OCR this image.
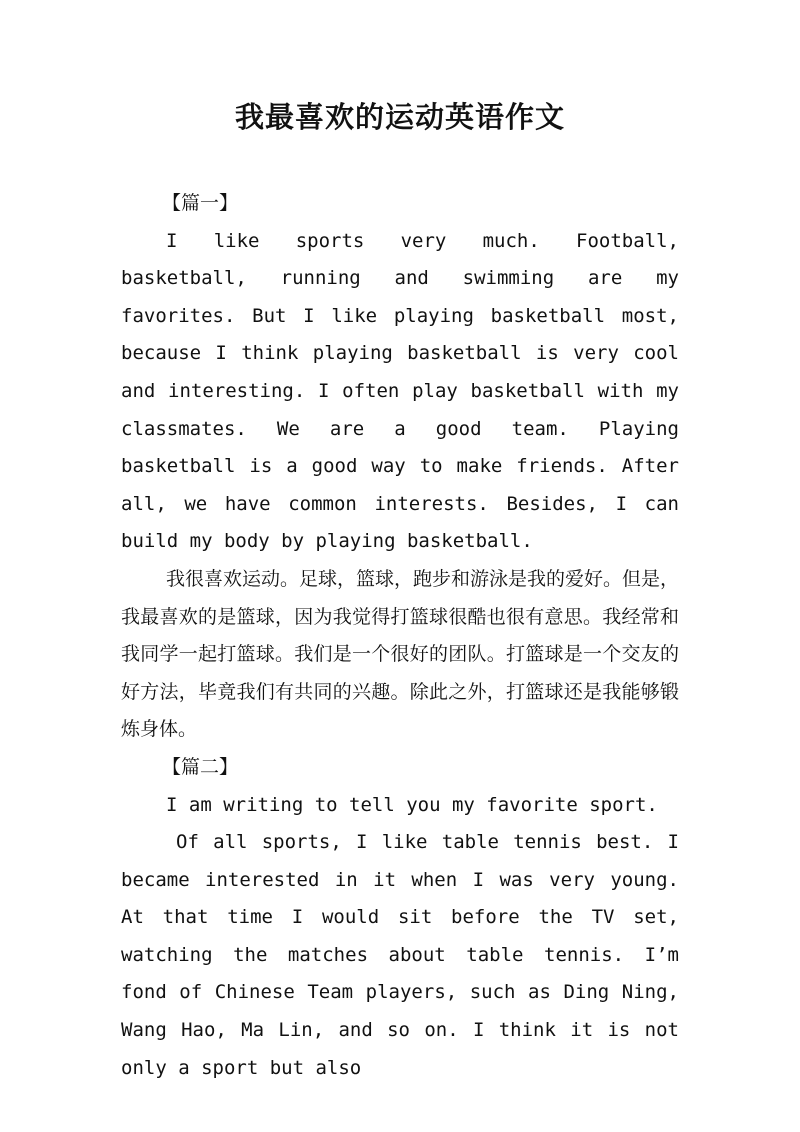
我最喜欢的运动英语作文

【篇一】

I like sports very much. Football, basketball, running and swimming are my favorites. But I like playing basketball most, because I think playing basketball is very cool and interesting. I often play basketball with my classmates. We are a good team. Playing basketball is a good way to make friends. After all, we have common interests. Besides, I can build my body by playing basketball.

我很喜欢运动。足球，篮球，跑步和游泳是我的爱好。但是，我最喜欢的是篮球，因为我觉得打篮球很酷也很有意思。我经常和我同学一起打篮球。我们是一个很好的团队。打篮球是一个交友的好方法，毕竟我们有共同的兴趣。除此之外，打篮球还是我能够锻炼身体。

【篇二】

I am writing to tell you my favorite sport.

Of all sports, I like table tennis best. I became interested in it when I was very young. At that time I would sit before the TV set, watching the matches about table tennis. I’m fond of Chinese Team players, such as Ding Ning, Wang Hao, Ma Lin, and so on. I think it is not only a sport but also
